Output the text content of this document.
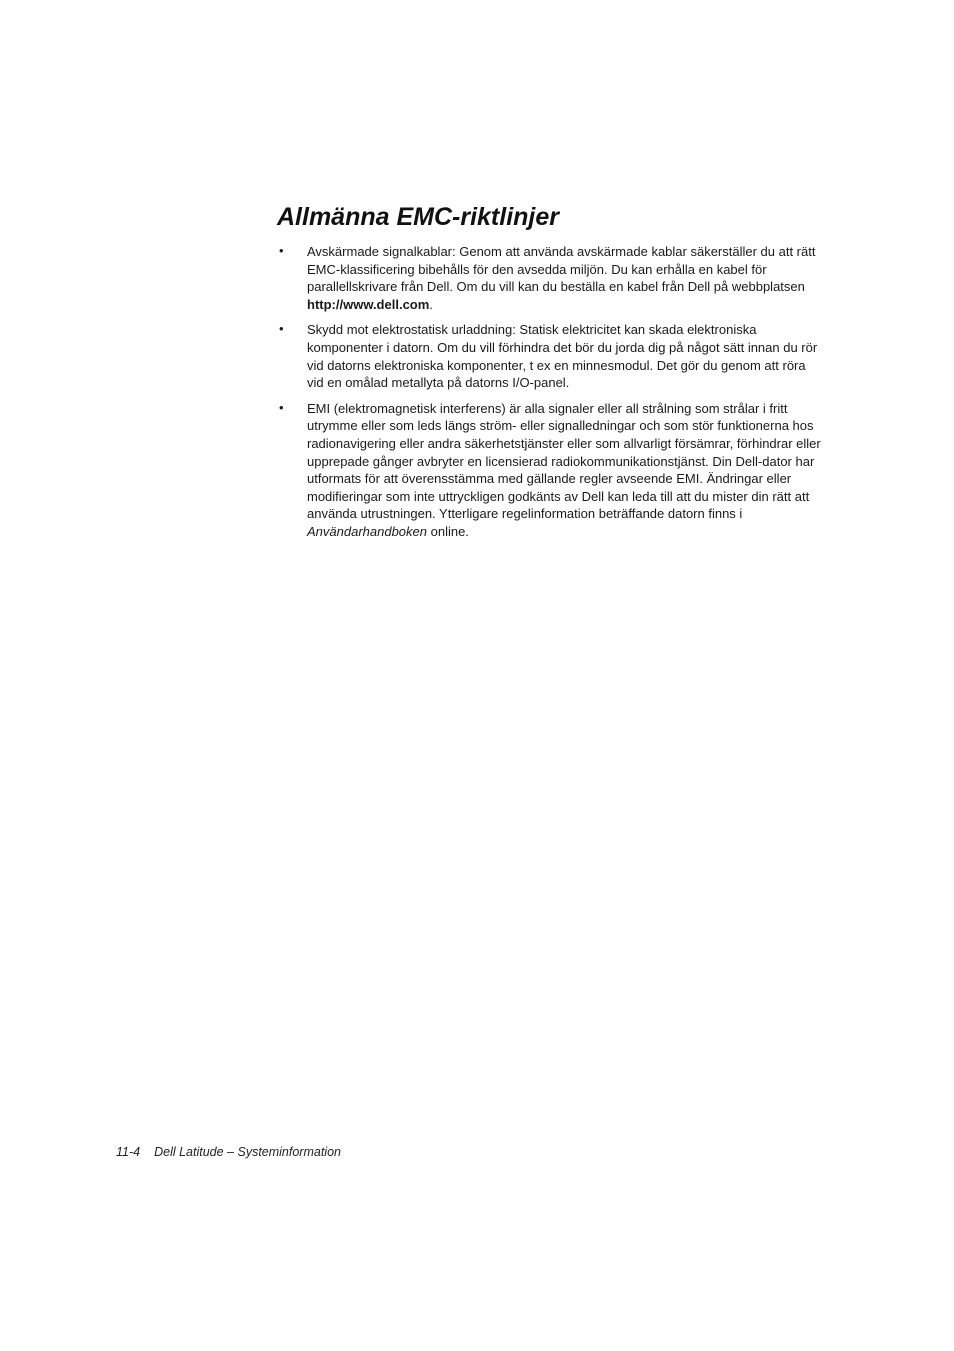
Allmänna EMC-riktlinjer
• Avskärmade signalkablar: Genom att använda avskärmade kablar säkerställer du att rätt EMC-klassificering bibehålls för den avsedda miljön. Du kan erhålla en kabel för parallellskrivare från Dell. Om du vill kan du beställa en kabel från Dell på webbplatsen http://www.dell.com.
• Skydd mot elektrostatisk urladdning: Statisk elektricitet kan skada elektroniska komponenter i datorn. Om du vill förhindra det bör du jorda dig på något sätt innan du rör vid datorns elektroniska komponenter, t ex en minnesmodul. Det gör du genom att röra vid en omålad metallyta på datorns I/O-panel.
• EMI (elektromagnetisk interferens) är alla signaler eller all strålning som strålar i fritt utrymme eller som leds längs ström- eller signalledningar och som stör funktionerna hos radionavigering eller andra säkerhetstjänster eller som allvarligt försämrar, förhindrar eller upprepade gånger avbryter en licensierad radiokommunikationstjänst. Din Dell-dator har utformats för att överensstämma med gällande regler avseende EMI. Ändringar eller modifieringar som inte uttryckligen godkänts av Dell kan leda till att du mister din rätt att använda utrustningen. Ytterligare regelinformation beträffande datorn finns i Användarhandboken online.
11-4 Dell Latitude – Systeminformation
